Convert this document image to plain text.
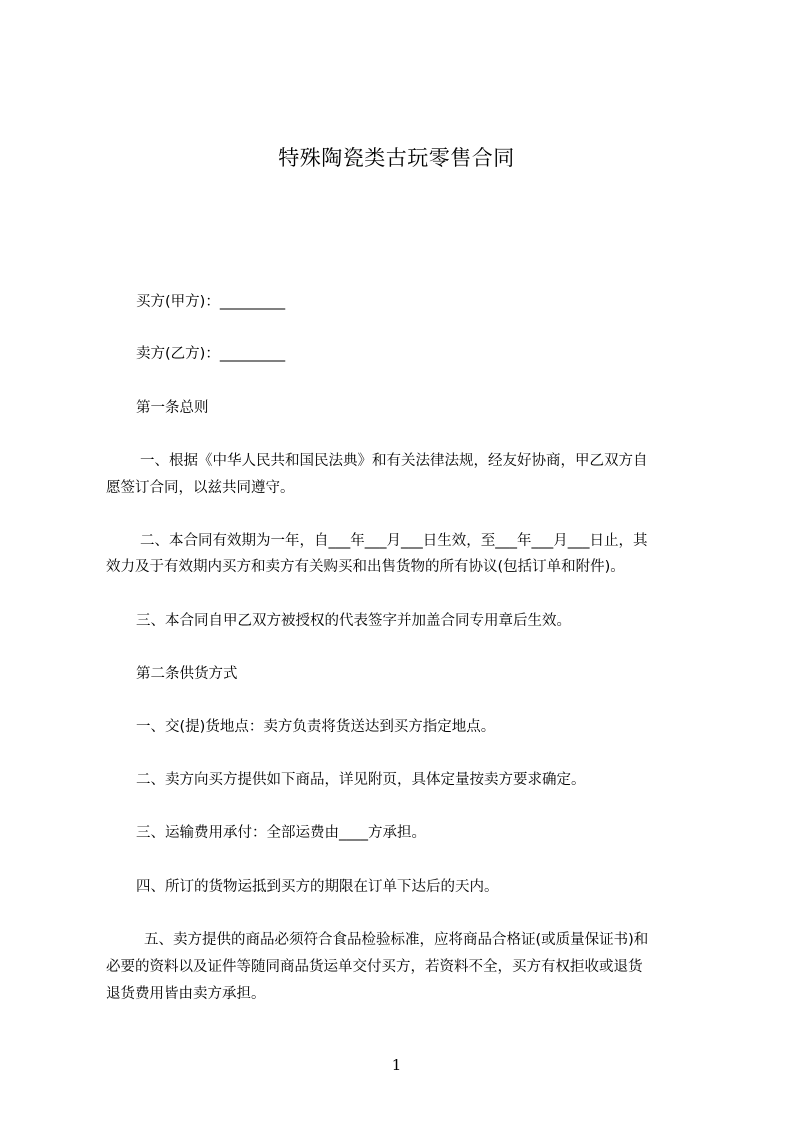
特殊陶瓷类古玩零售合同
买方(甲方)：_________
卖方(乙方)：_________
第一条总则
一、根据《中华人民共和国民法典》和有关法律法规，经友好协商，甲乙双方自
愿签订合同，以兹共同遵守。
二、本合同有效期为一年，自___年___月___日生效，至___年___月___日止，其
效力及于有效期内买方和卖方有关购买和出售货物的所有协议(包括订单和附件)。
三、本合同自甲乙双方被授权的代表签字并加盖合同专用章后生效。
第二条供货方式
一、交(提)货地点：卖方负责将货送达到买方指定地点。
二、卖方向买方提供如下商品，详见附页，具体定量按卖方要求确定。
三、运输费用承付：全部运费由____方承担。
四、所订的货物运抵到买方的期限在订单下达后的天内。
五、卖方提供的商品必须符合食品检验标准，应将商品合格证(或质量保证书)和
必要的资料以及证件等随同商品货运单交付买方，若资料不全，买方有权拒收或退货
退货费用皆由卖方承担。
1
